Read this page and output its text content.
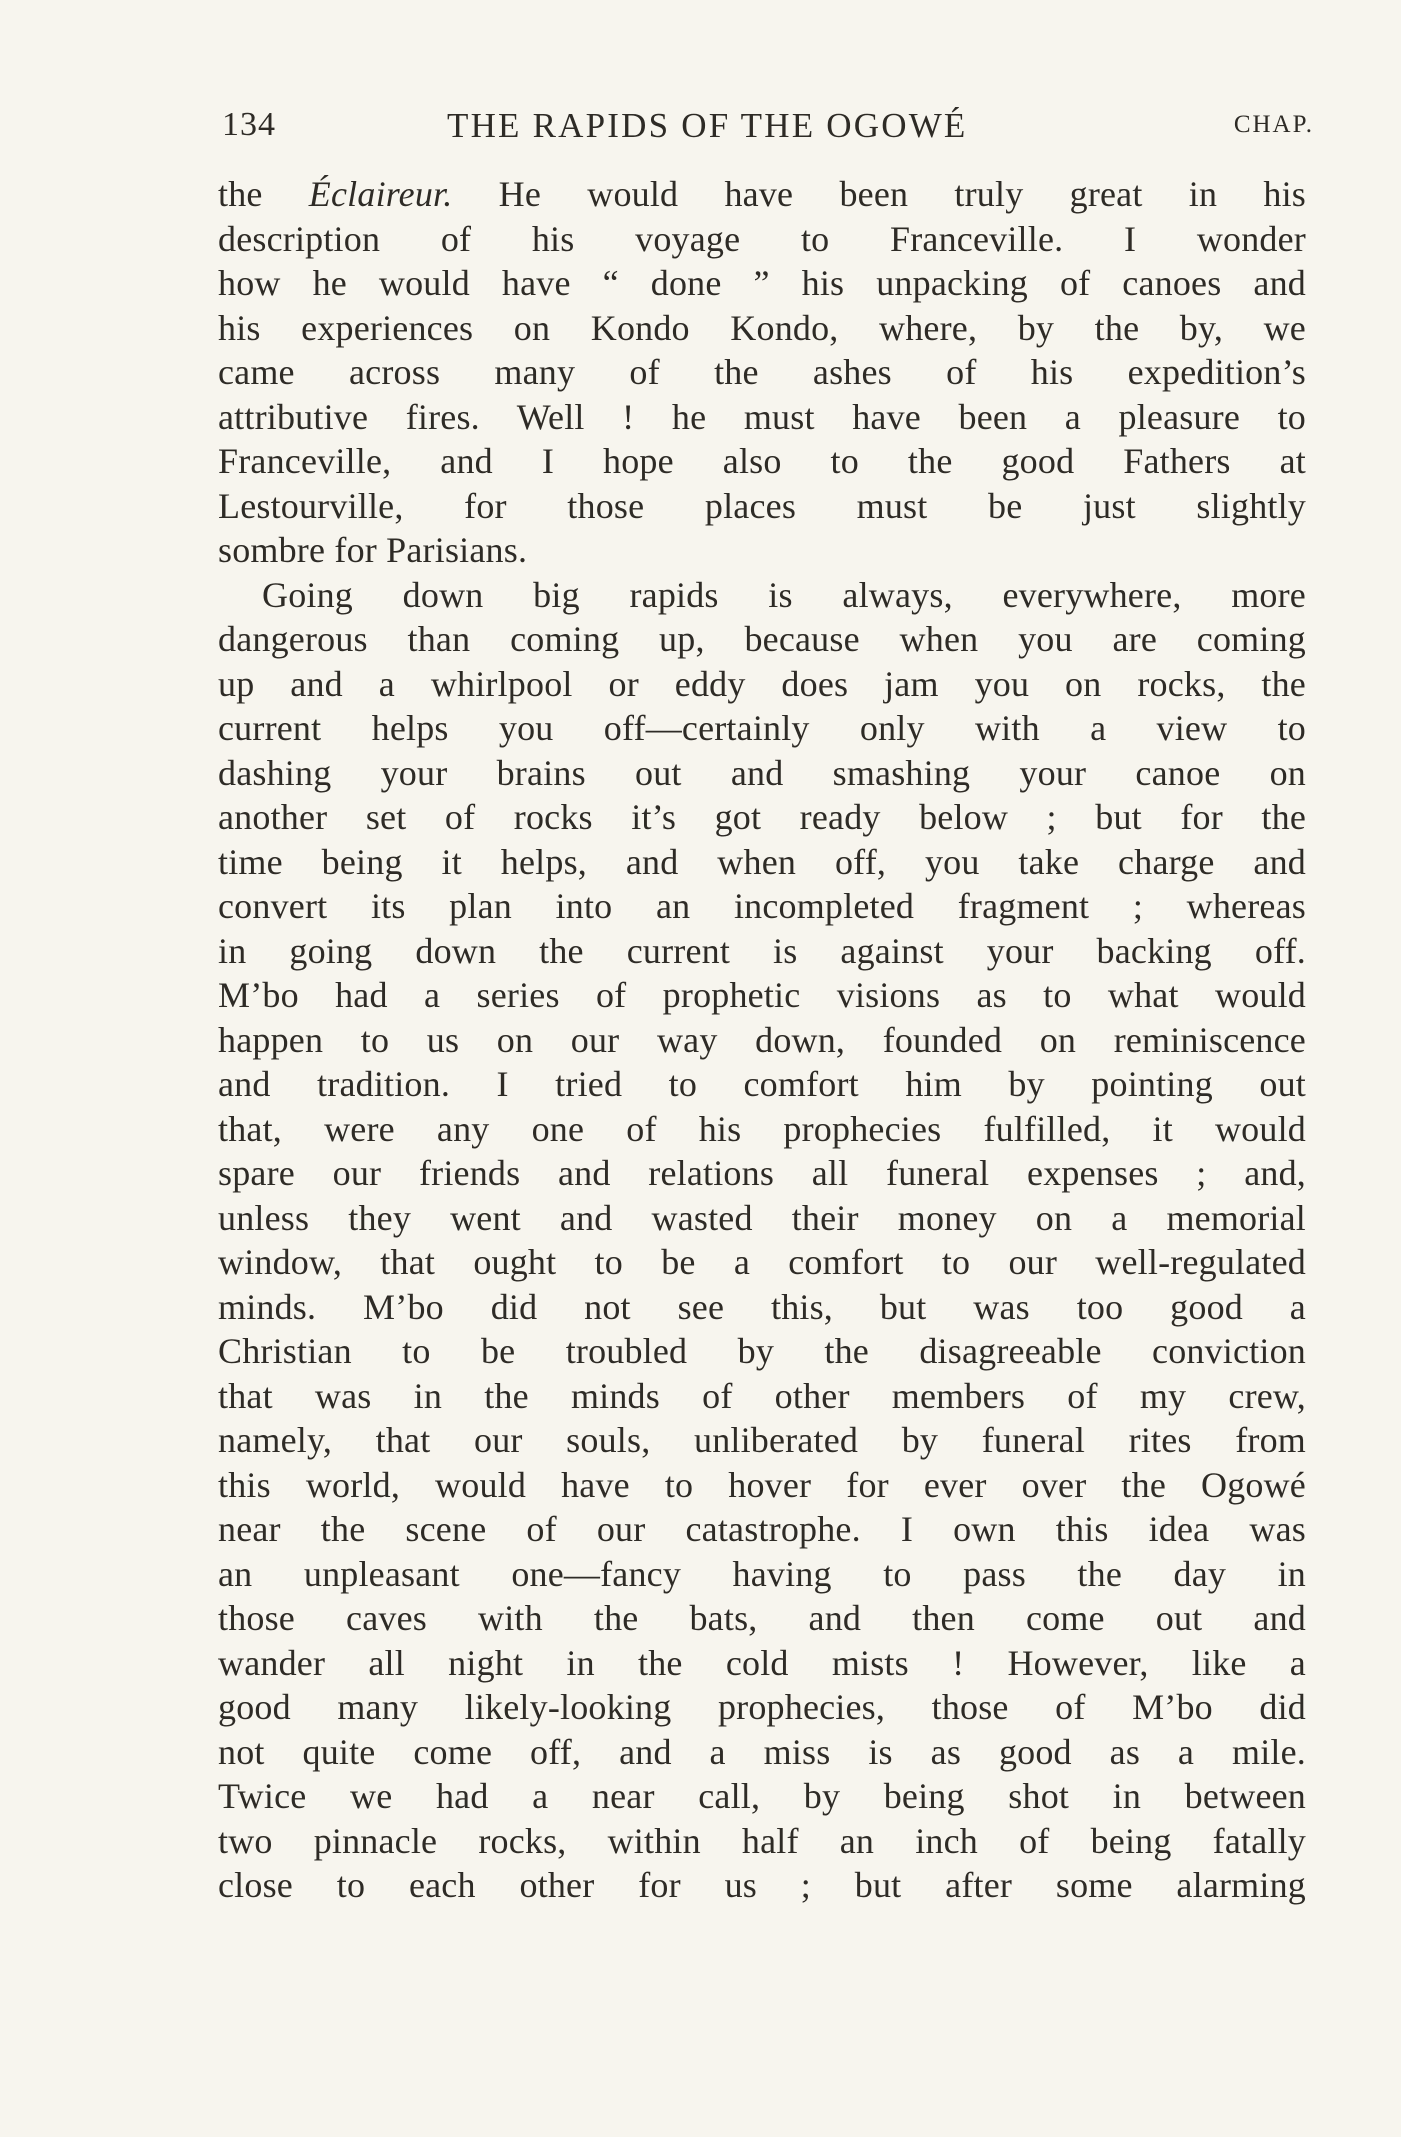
134	THE RAPIDS OF THE OGOWÉ	CHAP.
the Éclaireur. He would have been truly great in his
description of his voyage to Franceville. I wonder
how he would have “ done ” his unpacking of canoes and
his experiences on Kondo Kondo, where, by the by, we
came across many of the ashes of his expedition’s
attributive fires. Well ! he must have been a pleasure to
Franceville, and I hope also to the good Fathers at
Lestourville, for those places must be just slightly
sombre for Parisians.
Going down big rapids is always, everywhere, more
dangerous than coming up, because when you are coming
up and a whirlpool or eddy does jam you on rocks, the
current helps you off—certainly only with a view to
dashing your brains out and smashing your canoe on
another set of rocks it’s got ready below ; but for the
time being it helps, and when off, you take charge and
convert its plan into an incompleted fragment ; whereas
in going down the current is against your backing off.
M’bo had a series of prophetic visions as to what would
happen to us on our way down, founded on reminiscence
and tradition. I tried to comfort him by pointing out
that, were any one of his prophecies fulfilled, it would
spare our friends and relations all funeral expenses ; and,
unless they went and wasted their money on a memorial
window, that ought to be a comfort to our well-regulated
minds. M’bo did not see this, but was too good a
Christian to be troubled by the disagreeable conviction
that was in the minds of other members of my crew,
namely, that our souls, unliberated by funeral rites from
this world, would have to hover for ever over the Ogowé
near the scene of our catastrophe. I own this idea was
an unpleasant one—fancy having to pass the day in
those caves with the bats, and then come out and
wander all night in the cold mists ! However, like a
good many likely-looking prophecies, those of M’bo did
not quite come off, and a miss is as good as a mile.
Twice we had a near call, by being shot in between
two pinnacle rocks, within half an inch of being fatally
close to each other for us ; but after some alarming
